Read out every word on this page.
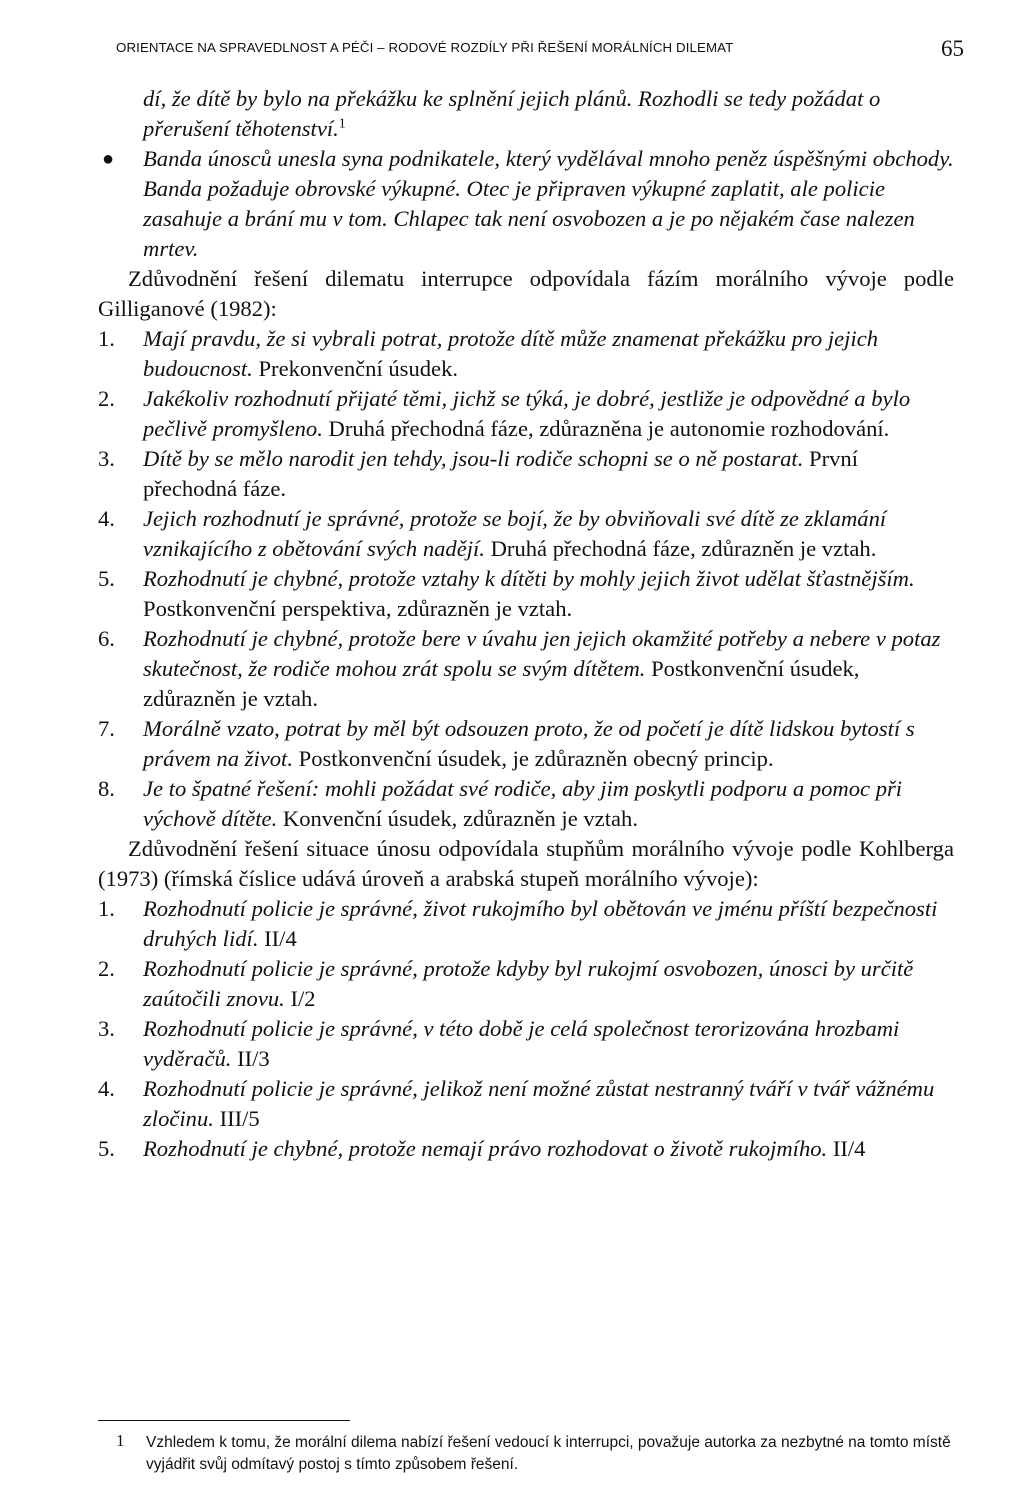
ORIENTACE NA SPRAVEDLNOST A PÉČI – RODOVÉ ROZDÍLY PŘI ŘEŠENÍ MORÁLNÍCH DILEMAT	65
dí, že dítě by bylo na překážku ke splnění jejich plánů. Rozhodli se tedy požádat o přerušení těhotenství.$^1$
● Banda únosců unesla syna podnikatele, který vydělával mnoho peněz úspěšnými obchody. Banda požaduje obrovské výkupné. Otec je připraven výkupné zaplatit, ale policie zasahuje a brání mu v tom. Chlapec tak není osvobozen a je po nějakém čase nalezen mrtev.
Zdůvodnění řešení dilematu interrupce odpovídala fázím morálního vývoje podle Gilliganové (1982):
1. Mají pravdu, že si vybrali potrat, protože dítě může znamenat překážku pro jejich budoucnost. Prekonvenční úsudek.
2. Jakékoliv rozhodnutí přijaté těmi, jichž se týká, je dobré, jestliže je odpovědné a bylo pečlivě promyšleno. Druhá přechodná fáze, zdůrazněna je autonomie rozhodování.
3. Dítě by se mělo narodit jen tehdy, jsou-li rodiče schopni se o ně postarat. První přechodná fáze.
4. Jejich rozhodnutí je správné, protože se bojí, že by obviňovali své dítě ze zklamání vznikajícího z obětování svých nadějí. Druhá přechodná fáze, zdůrazněn je vztah.
5. Rozhodnutí je chybné, protože vztahy k dítěti by mohly jejich život udělat šťastnějším. Postkonvenční perspektiva, zdůrazněn je vztah.
6. Rozhodnutí je chybné, protože bere v úvahu jen jejich okamžité potřeby a nebere v potaz skutečnost, že rodiče mohou zrát spolu se svým dítětem. Postkonvenční úsudek, zdůrazněn je vztah.
7. Morálně vzato, potrat by měl být odsouzen proto, že od početí je dítě lidskou bytostí s právem na život. Postkonvenční úsudek, je zdůrazněn obecný princip.
8. Je to špatné řešení: mohli požádat své rodiče, aby jim poskytli podporu a pomoc při výchově dítěte. Konvenční úsudek, zdůrazněn je vztah.
Zdůvodnění řešení situace únosu odpovídala stupňům morálního vývoje podle Kohlberga (1973) (římská číslice udává úroveň a arabská stupeň morálního vývoje):
1. Rozhodnutí policie je správné, život rukojmího byl obětován ve jménu příští bezpečnosti druhých lidí. II/4
2. Rozhodnutí policie je správné, protože kdyby byl rukojmí osvobozen, únosci by určitě zaútočili znovu. I/2
3. Rozhodnutí policie je správné, v této době je celá společnost terorizována hrozbami vyděračů. II/3
4. Rozhodnutí policie je správné, jelikož není možné zůstat nestranný tváří v tvář vážnému zločinu. III/5
5. Rozhodnutí je chybné, protože nemají právo rozhodovat o životě rukojmího. II/4
1 Vzhledem k tomu, že morální dilema nabízí řešení vedoucí k interrupci, považuje autorka za nezbytné na tomto místě vyjádřit svůj odmítavý postoj s tímto způsobem řešení.
